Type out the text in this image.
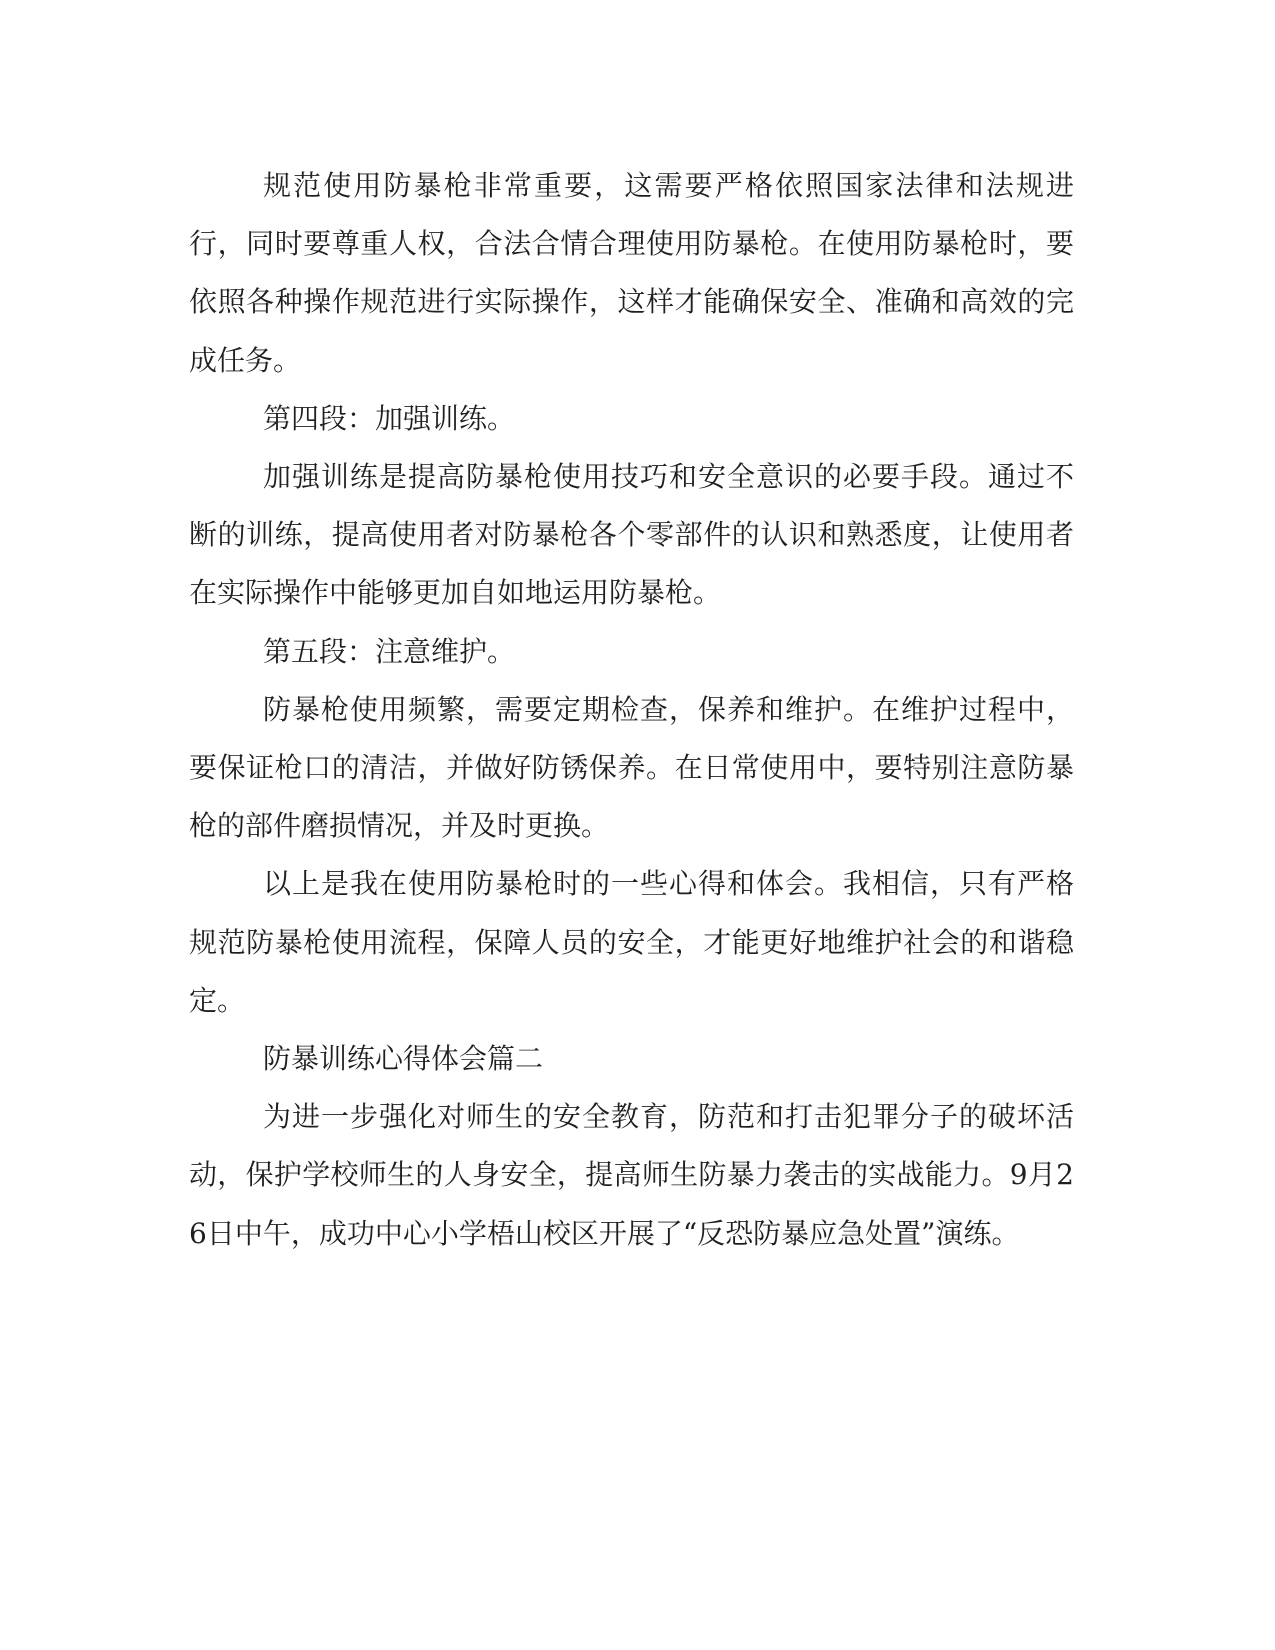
规范使用防暴枪非常重要，这需要严格依照国家法律和法规进行，同时要尊重人权，合法合情合理使用防暴枪。在使用防暴枪时，要依照各种操作规范进行实际操作，这样才能确保安全、准确和高效的完成任务。

第四段：加强训练。

加强训练是提高防暴枪使用技巧和安全意识的必要手段。通过不断的训练，提高使用者对防暴枪各个零部件的认识和熟悉度，让使用者在实际操作中能够更加自如地运用防暴枪。

第五段：注意维护。

防暴枪使用频繁，需要定期检查，保养和维护。在维护过程中，要保证枪口的清洁，并做好防锈保养。在日常使用中，要特别注意防暴枪的部件磨损情况，并及时更换。

以上是我在使用防暴枪时的一些心得和体会。我相信，只有严格规范防暴枪使用流程，保障人员的安全，才能更好地维护社会的和谐稳定。

防暴训练心得体会篇二

为进一步强化对师生的安全教育，防范和打击犯罪分子的破坏活动，保护学校师生的人身安全，提高师生防暴力袭击的实战能力。9月26日中午，成功中心小学梧山校区开展了“反恐防暴应急处置”演练。
